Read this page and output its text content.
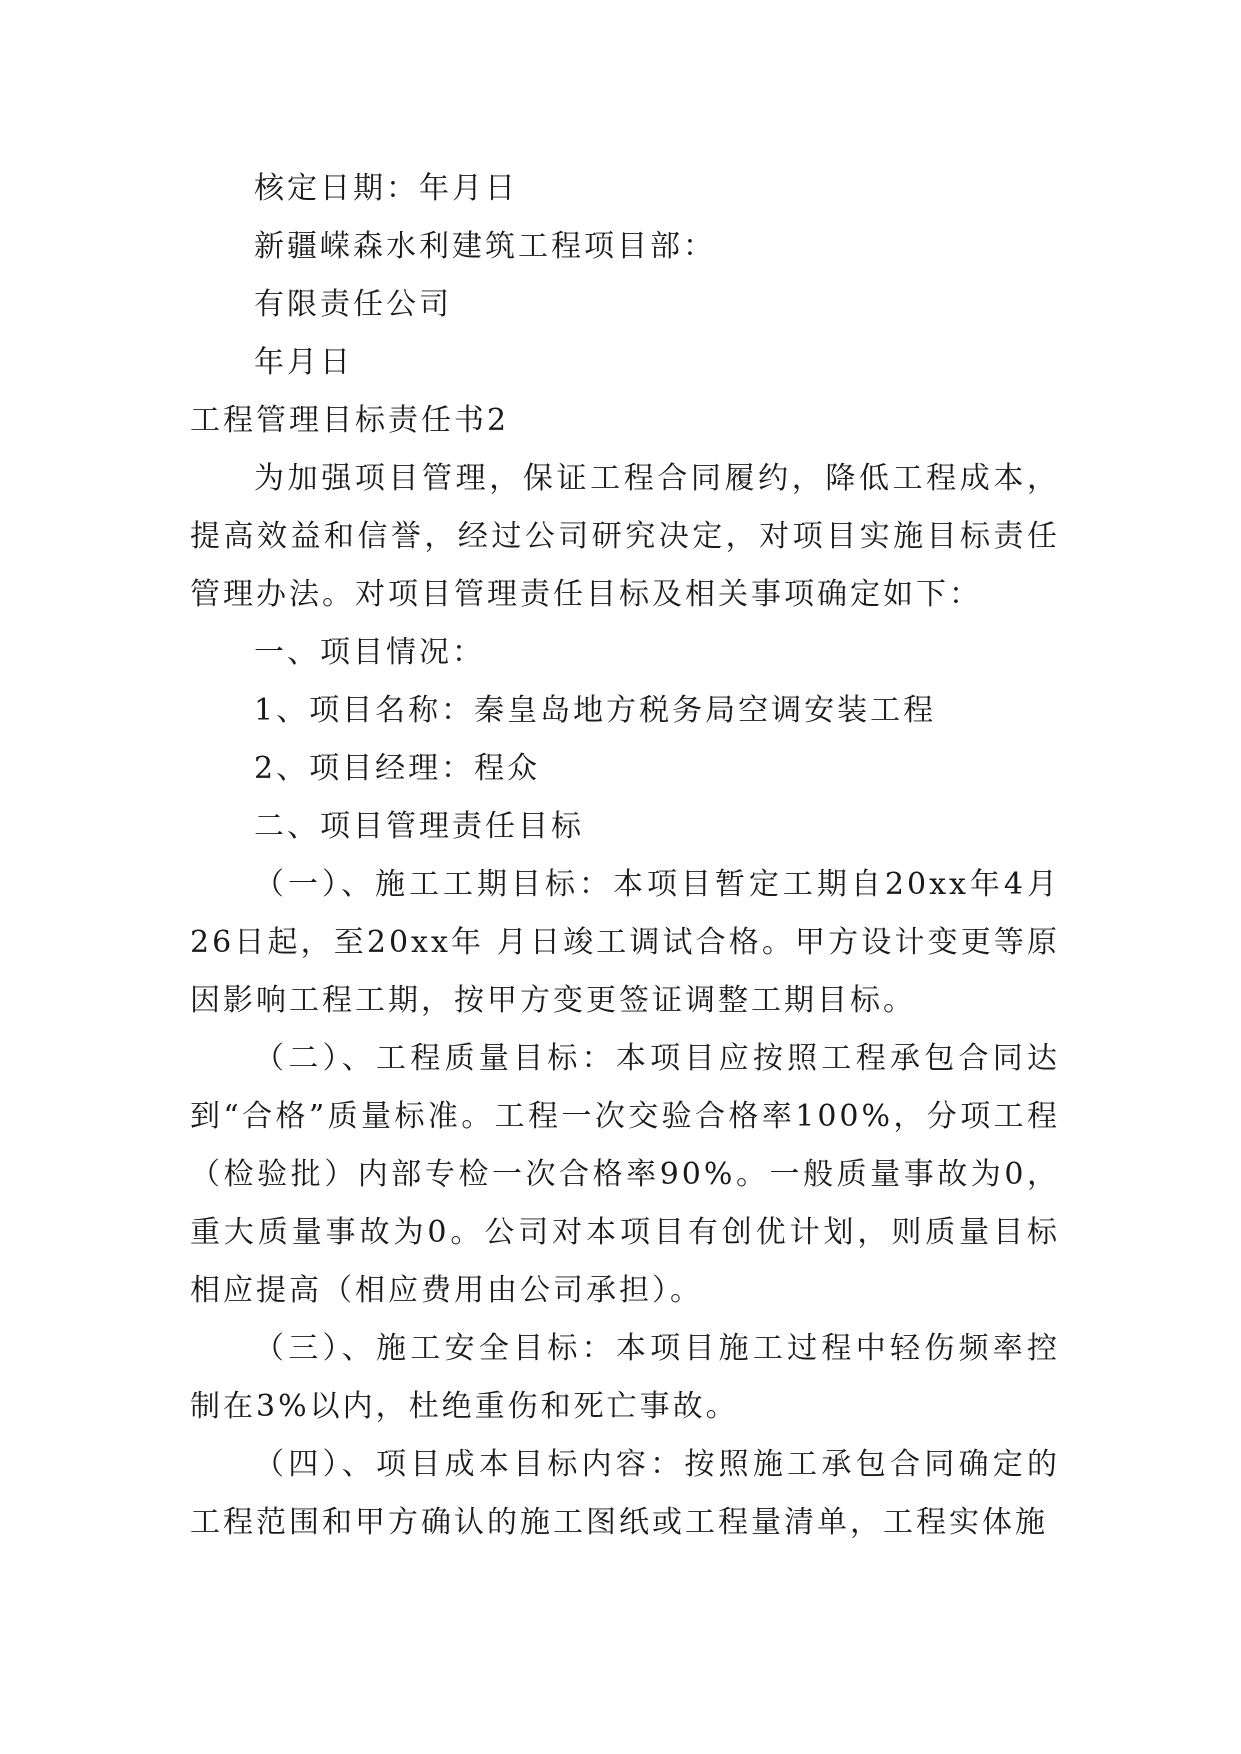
核定日期：年月日
新疆嵘森水利建筑工程项目部：
有限责任公司
年月日
工程管理目标责任书2

为加强项目管理，保证工程合同履约，降低工程成本，提高效益和信誉，经过公司研究决定，对项目实施目标责任管理办法。对项目管理责任目标及相关事项确定如下：

一、项目情况：
1、项目名称：秦皇岛地方税务局空调安装工程
2、项目经理：程众
二、项目管理责任目标

（一）、施工工期目标：本项目暂定工期自20xx年4月26日起，至20xx年 月日竣工调试合格。甲方设计变更等原因影响工程工期，按甲方变更签证调整工期目标。

（二）、工程质量目标：本项目应按照工程承包合同达到“合格”质量标准。工程一次交验合格率100%，分项工程（检验批）内部专检一次合格率90%。一般质量事故为0，重大质量事故为0。公司对本项目有创优计划，则质量目标相应提高（相应费用由公司承担）。

（三）、施工安全目标：本项目施工过程中轻伤频率控制在3%以内，杜绝重伤和死亡事故。

（四）、项目成本目标内容：按照施工承包合同确定的工程范围和甲方确认的施工图纸或工程量清单，工程实体施
